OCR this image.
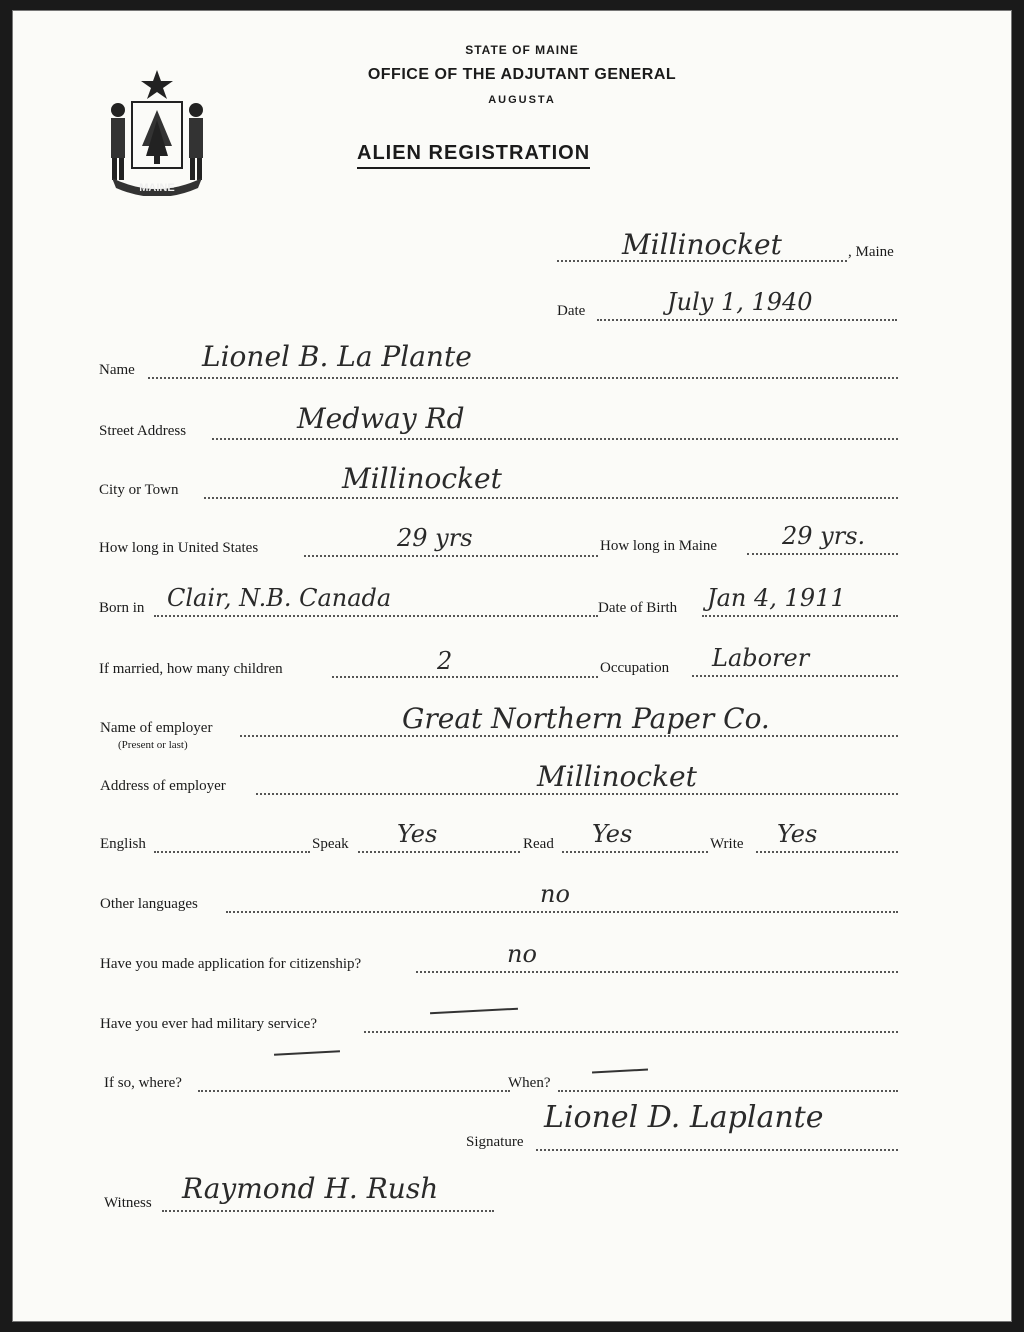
MAINE
STATE OF MAINE
OFFICE OF THE ADJUTANT GENERAL
AUGUSTA
ALIEN REGISTRATION
Millinocket	, Maine
Date	July 1, 1940
Name Lionel B. La Plante
Street Address	Medway Rd
City or Town	Millinocket
How long in United States	29 yrs	How long in Maine	29 yrs.
Born in Clair, N.B. Canada	Date of Birth Jan 4, 1911
If married, how many children	2	Occupation Laborer
Name of employer
(Present or last)
Great Northern Paper Co.
Address of employer	Millinocket
English	Speak Yes	Read Yes	Write Yes
Other languages	no
Have you made application for citizenship?	no
Have you ever had military service?
If so, where?	When?
Signature
Lionel D. Laplante
Witness Raymond H. Rush
